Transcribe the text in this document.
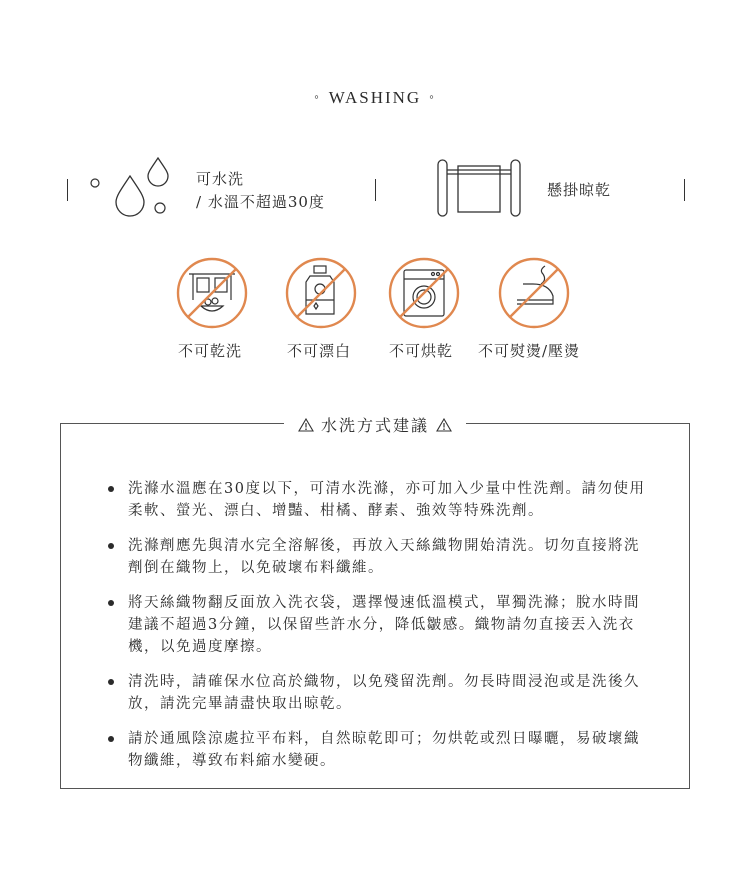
◦ WASHING ◦
可水洗
/ 水溫不超過30度
懸掛晾乾
不可乾洗	不可漂白	不可烘乾 不可熨燙/壓燙
水洗方式建議
洗滌水溫應在30度以下，可清水洗滌，亦可加入少量中性洗劑。請勿使用柔軟、螢光、漂白、增豔、柑橘、酵素、強效等特殊洗劑。
洗滌劑應先與清水完全溶解後，再放入天絲織物開始清洗。切勿直接將洗劑倒在織物上，以免破壞布料纖維。
將天絲織物翻反面放入洗衣袋，選擇慢速低溫模式，單獨洗滌；脫水時間建議不超過3分鐘，以保留些許水分，降低皺感。織物請勿直接丟入洗衣機，以免過度摩擦。
清洗時，請確保水位高於織物，以免殘留洗劑。勿長時間浸泡或是洗後久放，請洗完畢請盡快取出晾乾。
請於通風陰涼處拉平布料，自然晾乾即可；勿烘乾或烈日曝曬，易破壞織物纖維，導致布料縮水變硬。
